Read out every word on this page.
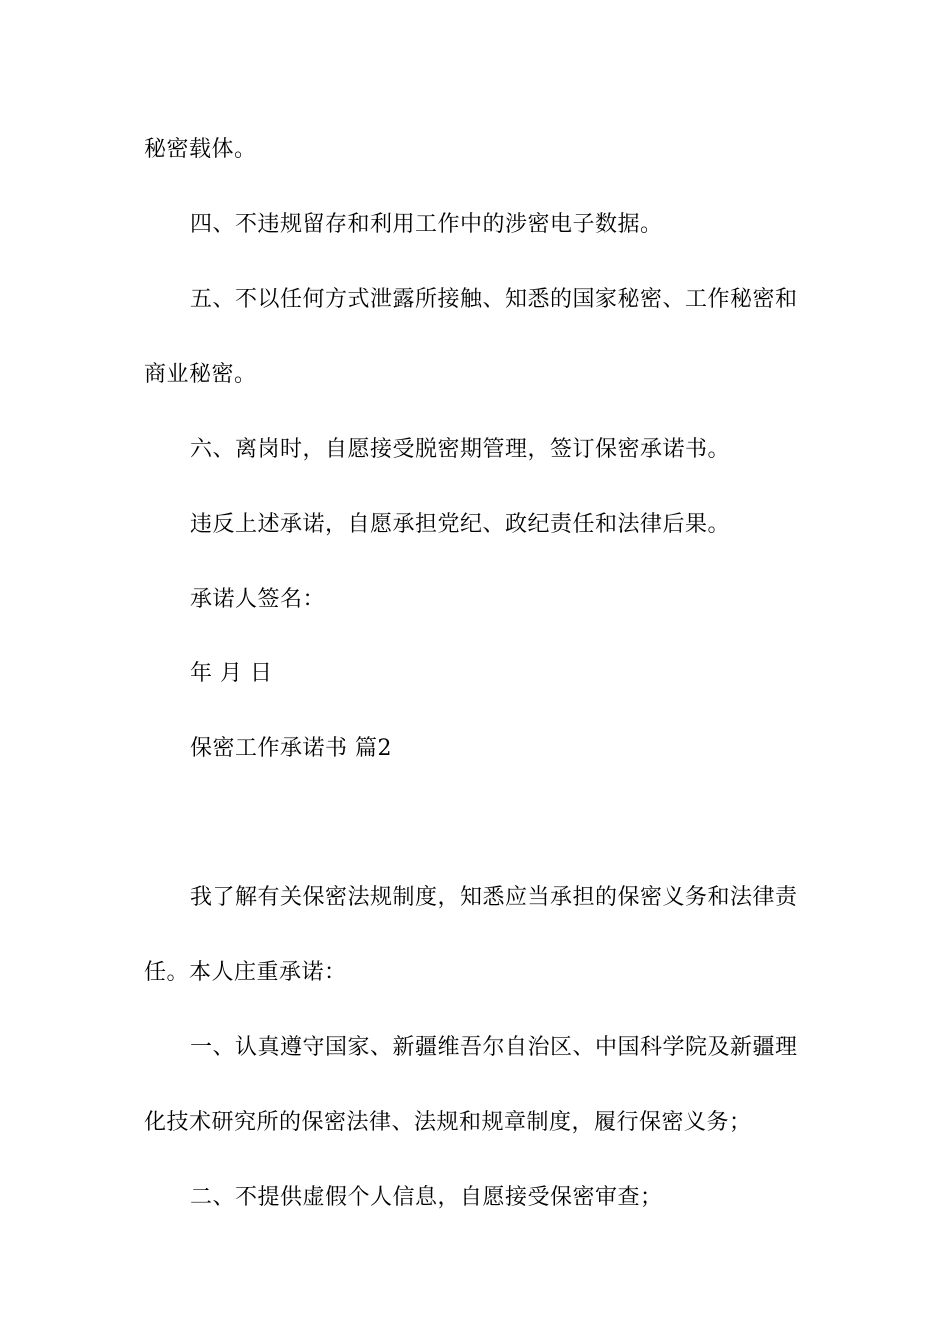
秘密载体。
四、不违规留存和利用工作中的涉密电子数据。
五、不以任何方式泄露所接触、知悉的国家秘密、工作秘密和
商业秘密。
六、离岗时，自愿接受脱密期管理，签订保密承诺书。
违反上述承诺，自愿承担党纪、政纪责任和法律后果。
承诺人签名：
年 月 日
保密工作承诺书 篇2
我了解有关保密法规制度，知悉应当承担的保密义务和法律责
任。本人庄重承诺：
一、认真遵守国家、新疆维吾尔自治区、中国科学院及新疆理
化技术研究所的保密法律、法规和规章制度，履行保密义务；
二、不提供虚假个人信息，自愿接受保密审查；
